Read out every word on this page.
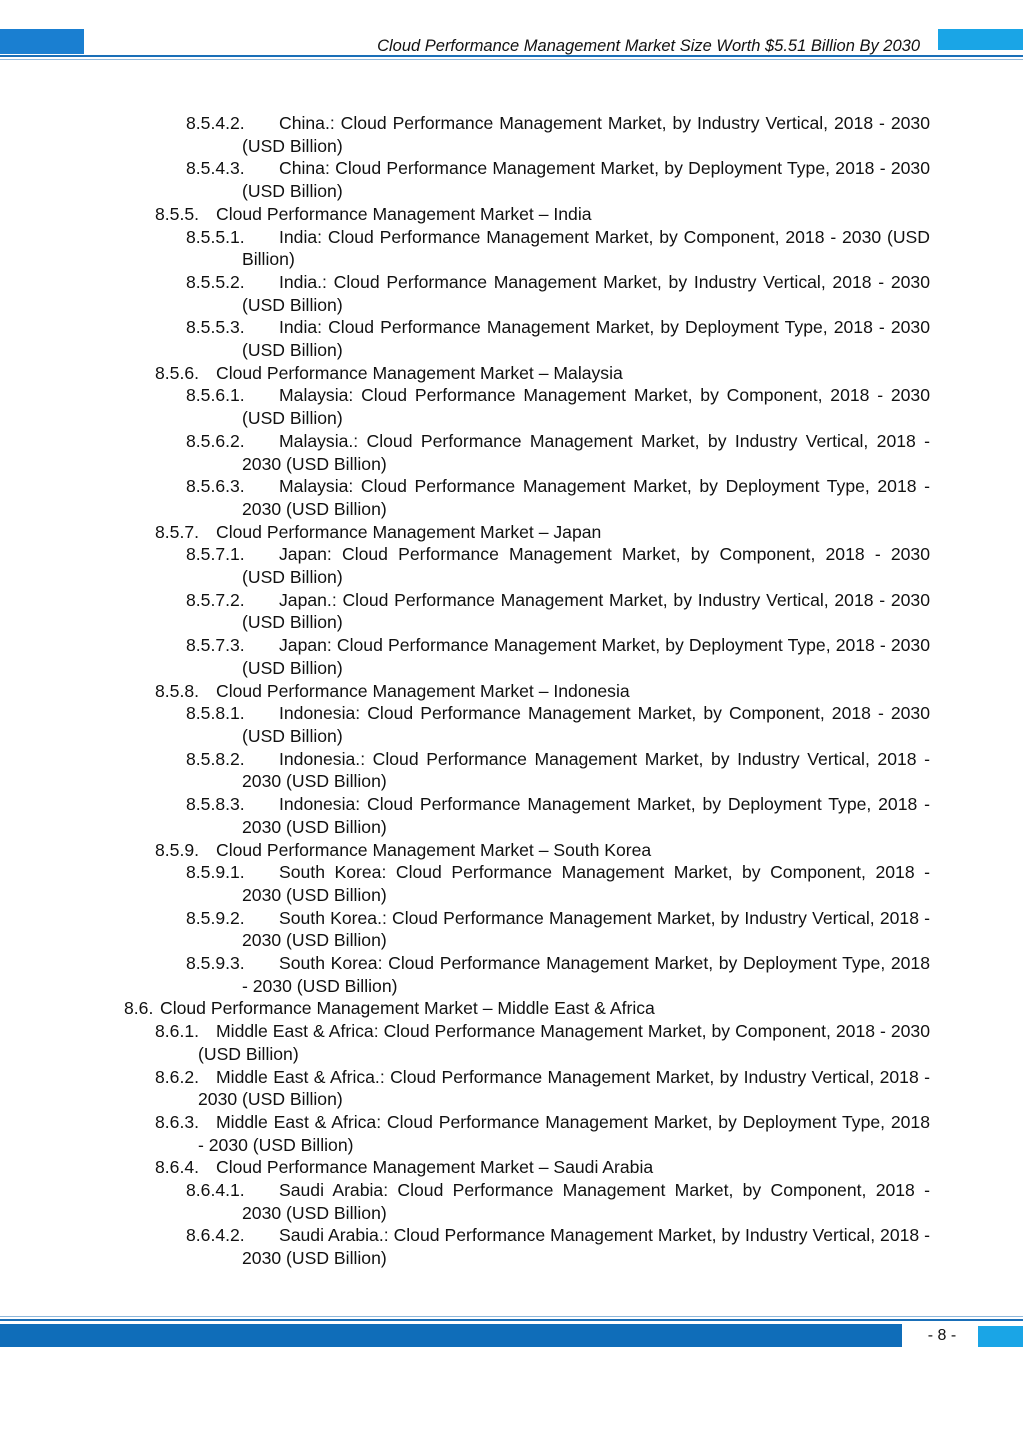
Cloud Performance Management Market Size Worth $5.51 Billion By 2030
8.5.4.2.	China.: Cloud Performance Management Market, by Industry Vertical, 2018 - 2030 (USD Billion)
8.5.4.3.	China: Cloud Performance Management Market, by Deployment Type, 2018 - 2030 (USD Billion)
8.5.5. Cloud Performance Management Market – India
8.5.5.1.	India: Cloud Performance Management Market, by Component, 2018 - 2030 (USD Billion)
8.5.5.2.	India.: Cloud Performance Management Market, by Industry Vertical, 2018 - 2030 (USD Billion)
8.5.5.3.	India: Cloud Performance Management Market, by Deployment Type, 2018 - 2030 (USD Billion)
8.5.6. Cloud Performance Management Market – Malaysia
8.5.6.1.	Malaysia: Cloud Performance Management Market, by Component, 2018 - 2030 (USD Billion)
8.5.6.2.	Malaysia.: Cloud Performance Management Market, by Industry Vertical, 2018 - 2030 (USD Billion)
8.5.6.3.	Malaysia: Cloud Performance Management Market, by Deployment Type, 2018 - 2030 (USD Billion)
8.5.7. Cloud Performance Management Market – Japan
8.5.7.1.	Japan: Cloud Performance Management Market, by Component, 2018 - 2030 (USD Billion)
8.5.7.2.	Japan.: Cloud Performance Management Market, by Industry Vertical, 2018 - 2030 (USD Billion)
8.5.7.3.	Japan: Cloud Performance Management Market, by Deployment Type, 2018 - 2030 (USD Billion)
8.5.8. Cloud Performance Management Market – Indonesia
8.5.8.1.	Indonesia: Cloud Performance Management Market, by Component, 2018 - 2030 (USD Billion)
8.5.8.2.	Indonesia.: Cloud Performance Management Market, by Industry Vertical, 2018 - 2030 (USD Billion)
8.5.8.3.	Indonesia: Cloud Performance Management Market, by Deployment Type, 2018 - 2030 (USD Billion)
8.5.9. Cloud Performance Management Market – South Korea
8.5.9.1.	South Korea: Cloud Performance Management Market, by Component, 2018 - 2030 (USD Billion)
8.5.9.2.	South Korea.: Cloud Performance Management Market, by Industry Vertical, 2018 - 2030 (USD Billion)
8.5.9.3.	South Korea: Cloud Performance Management Market, by Deployment Type, 2018 - 2030 (USD Billion)
8.6. Cloud Performance Management Market – Middle East & Africa
8.6.1. Middle East & Africa: Cloud Performance Management Market, by Component, 2018 - 2030 (USD Billion)
8.6.2. Middle East & Africa.: Cloud Performance Management Market, by Industry Vertical, 2018 - 2030 (USD Billion)
8.6.3. Middle East & Africa: Cloud Performance Management Market, by Deployment Type, 2018 - 2030 (USD Billion)
8.6.4. Cloud Performance Management Market – Saudi Arabia
8.6.4.1.	Saudi Arabia: Cloud Performance Management Market, by Component, 2018 - 2030 (USD Billion)
8.6.4.2.	Saudi Arabia.: Cloud Performance Management Market, by Industry Vertical, 2018 - 2030 (USD Billion)
- 8 -
